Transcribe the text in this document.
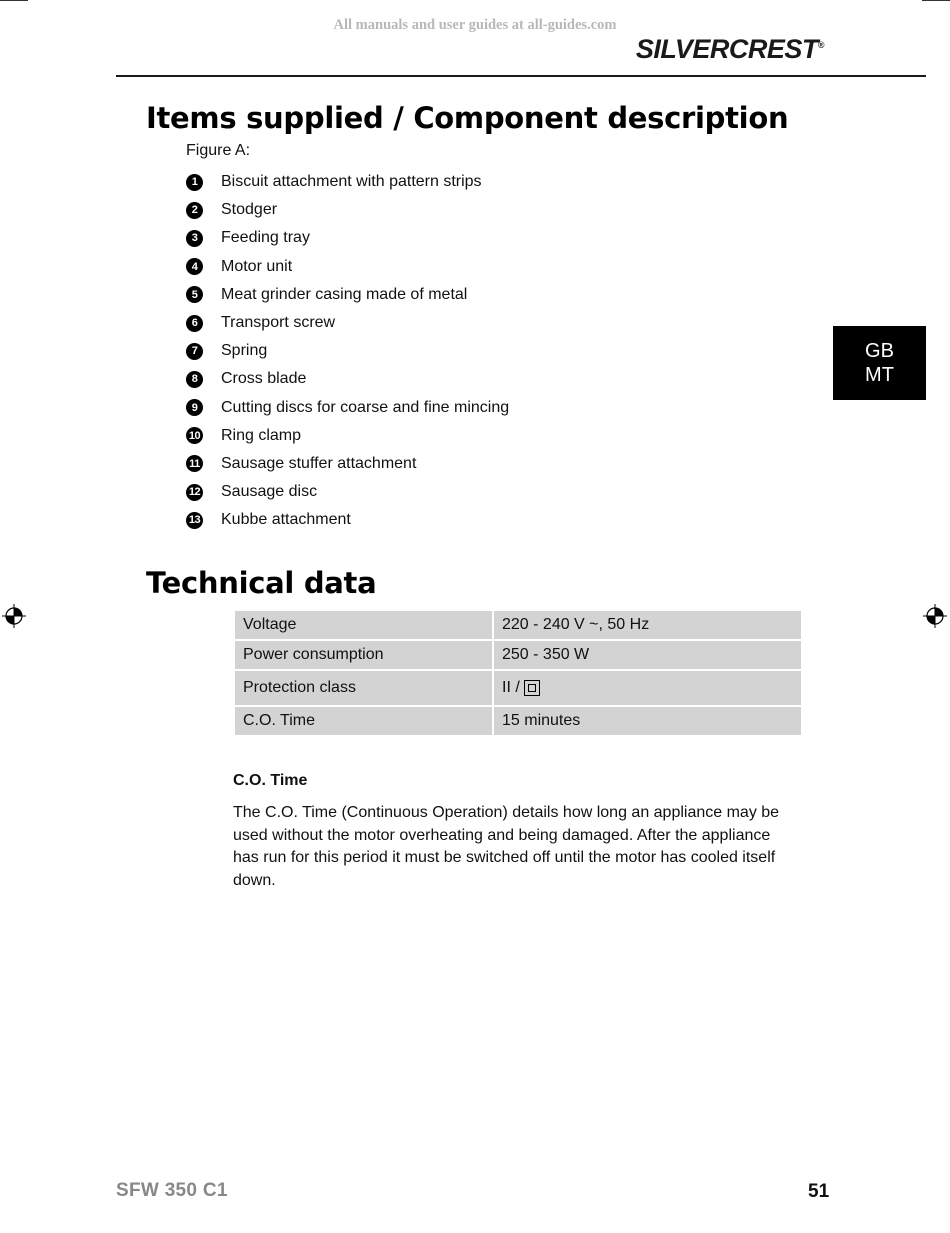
All manuals and user guides at all-guides.com
SILVERCREST®
GB
MT
Items supplied / Component description
Figure A:
1	Biscuit attachment with pattern strips
2	Stodger
3	Feeding tray
4	Motor unit
5	Meat grinder casing made of metal
6	Transport screw
7	Spring
8	Cross blade
9	Cutting discs for coarse and fine mincing
10 Ring clamp
11 Sausage stuffer attachment
12 Sausage disc
13 Kubbe attachment
Technical data
Voltage	220 - 240 V ~, 50 Hz
Power consumption	250 - 350 W
Protection class	II /
C.O. Time	15 minutes
C.O. Time

The C.O. Time (Continuous Operation) details how long an appliance may be used without the motor overheating and being damaged. After the appliance has run for this period it must be switched off until the motor has cooled itself down.

SFW 350 C1	51
